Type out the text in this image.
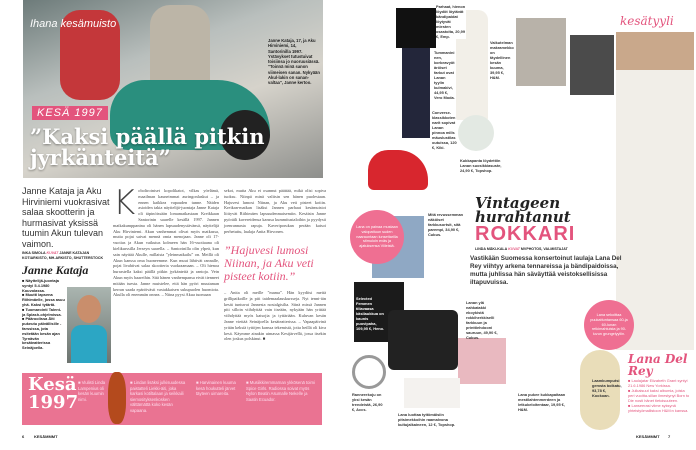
Ihana kesämuisto
Janne Kataja, 17, ja Aku Hirviniemi, 14, Santorinilla 1997. Ystävykset tutustuivat toisiinsa jo nuoruusiässä. "Toinnä minä sanon viimeisen sanan. Nykyään Akul-lakin on sanan-valtaa", Janne kertoo.
KESÄ 1997
”Kaksi päällä pitkin jyrkänteitä”
Janne Kataja ja Aku Hirviniemi vuokrasivat salaa skootterin ja hurmasivat yksissä tuumin Akun tulevan vaimon.
INKA SIMOLA KUVAT JANNE KATAJAN KOTIARKISTO, MH-ARKISTO, SHUTTERSTOCK
Koboltroiniset kopolikatot, vilkas yöelämä, maailman kauneimmat auringonlaskut – ja ennen kaikkea vapauden tunne. Näiden asioiden takia näyttelijä-juontaja Janne Kataja oli täpinöissään lomamatkastaan Kreikkaan Santorinin saarelle kesällä 1997. Jannen matkakumppanina oli hänen lapsuudenystävänsä, näyttelijä Aku Hirviniemi. Akun vanhemmat olivat myös matkassa, mutta pojat saivat mennä omia menojaan. Janne oli 17-vuotias ja Akun vaikutus kolmeen hän 16-vuotiaana oli kielikurssilla Jerseyn saarella. – Santorinilla olin ylpeä, kun sain näyttää Akulle, millaista ”yleinmatkailu” on. Meillä oli Akun kanssa oma huoneemme. Kun muut lähtivät rannalle, pojat livahtivat salaa skootteria vuokraamaan. – Oli hienoa hurrastella kaksi päällä pitkin jyrkänteitä ja rantoja. Vein Akun myös baareihin. Sitä hänen vanhempansa eivät tienneet mitään tuesta. Janne muistelee, että hän pyöri muutaman kerran saada epäröivästi vastakkaisen sukupuolen huomiota. Akulla oli enemmän onnea. – Niina pyysi Akua tuomaan
sekoi, mutta Aku ei osannut päättää, mikä olisi sopiva tuoksu. Niinpä minä valitsin sen hänen puolestaan. Hajuvesi lumosi Niinan, ja Aku veti pisteet kotiin. Kreikan-matkan lisäksi Jannen parhaat kesämuistot liittyvät Riihimäen lapsuudenmaisemiin. Kesäisin Janne pyöräili kavereidensa kanssa kummitustaloihin ja pyydysti joenrannasta rapuja. Kaveriporukan perään katsoi perhetuttu, laulaja Anita Hirvonen.
”Hajuvesi lumosi Niinan, ja Aku veti pisteet kotiin.”
– Anita oli meille ”mama”. Hän kyyditsi meitä grillipaikoille ja piti taidemaalauskursseja. Nyt tenni-iän kesät tuntuvat Jannesta nostalgisilta. Siinä missä Jannen piti silloin viihdyttää vain itseään, nykyään hän yrittää viihdyttää myös katsojia ja tyttäriään. Kuluvan kesän Janne viettää Seinäjoella kesäteatterissa. – Vapaapäivinä yritän keksiä tyttöjen kanssa tekemistä, jotta heillä oli kiva kesä. Käymme ainakin uimassa Kesijärvellä, jossa itsekin olen joskus polskinut. ■
Janne Kataja
■ Näyttelijä-juontaja syntyi 5.4.1980 Kouvolassa.
■ Muutti lapsena Riihimäelle, jossa asuu yhä. Kaksi tytärtä.
■ Tuomarointi Talent- ja Splash-ohjelmissa.
■ Pääroolissa Äiti pukeutu päivällisille -farssissa, jota esitetään kesän ajan Tyrnävän kesäteatterissa Seinäjoella.
Kesä
1997
■ Viulisti Linda Lampenius oli kesän kuumin nimi.
■ Lindan lisäksi julkisuudessa paistatteli Liekki-äiti, joka karkasi kotiltalaan ja seikkaili siemosityksenkosken välttämättä koko kesän vapaana.
■ Harvinainen kuuma kesä houkutteli järvet täyteen uimareita.
■ Musiikkiremmarnan ykkösenä toimi Spice Girls. Radiossa soivat myös Nylon Beatin Asumalle Nekelle ja Saatin Ecuador.
6 KESÄMMMT
Lana on painaa mustaan valopattuun suden naarauntaan lunsettarilla stimuloin eväs ja ajatuksensa Viileistä.
Lana sekoittaa puukattuntansaa 60-ja 60-lunan retkimahtuista ja 90-luvun grungelyyliin.
Parhaat, hienon löydöt löytävät bändipaidat löytyvät miesten osastolta, 20,99 €, Emp.
Tummanininen, korkeavyötäröiset farkut ovat Lanan tyylin kulmakivi, 44,95 €, Vero Moda.
Vaikutelman makramekko on täydellinen kesän kuuma, 39,95 €, H&M.
Converse-klassikkotennarit sopivat Lanan pinnoa mills mäuslustilasoutuissa, 120 €, Kiki.
Kukkapanta löydettiin Lanan suosikkiasuste, 24,90 €, Topshop.
Mitä revussemman näköiset farkkusortsit, sitä parempi, 34,90 €, Cubus.
Lanan ylä nahkatakki ekoykistä rokkiherkkiselli farkkuun ja printtiehdooni sauruun, 49,90 €, Cubus.
Selected Femmen tiliavaasa käsilaukkua on kaunis puovipaha, 109,95 €, Heno.
Rannerekoju on yksi kesän trendeistä, 26,90 €, Accs.
Lana luottaa tyttömäisiin pitsimekkoihin raamalvona kultujalkaineen, 12 €, Topshop.
Lana pukee kukkapaitaan mestilahtenmerdeen ja letkukeloitentaar, 19,95 €, H&M.
Laamkumputsi gemsta bolkatu, 93,78 €, Kookoan.
kesätyyli
Vintageen hurahtanut
ROKKARI
LINDA MÄKI-KALA KUVAT MVPHOTOS, VALMISTAJAT
Vastikään Suomessa konsertoinut laulaja Lana Del Rey viihtyy arkena tennareissa ja bändipaidoissa, mutta juhlissa hän säväyttää veistoksellisissa iltapuvuissa.
Lana Del Rey
■ Laulajatar Elizabeth Grant syntyi 21.6.1986 New Yorkissa.
■ Julkaisuut kaksi albumia, joista peri vuoitta-sillan ilmestynyt Born to Die nosti hänet tietoisuuteen.
■ Lanseerasi viime syksynä yhteistyömallistoon H&M:n kanssa.
KESÄMMMT 7
